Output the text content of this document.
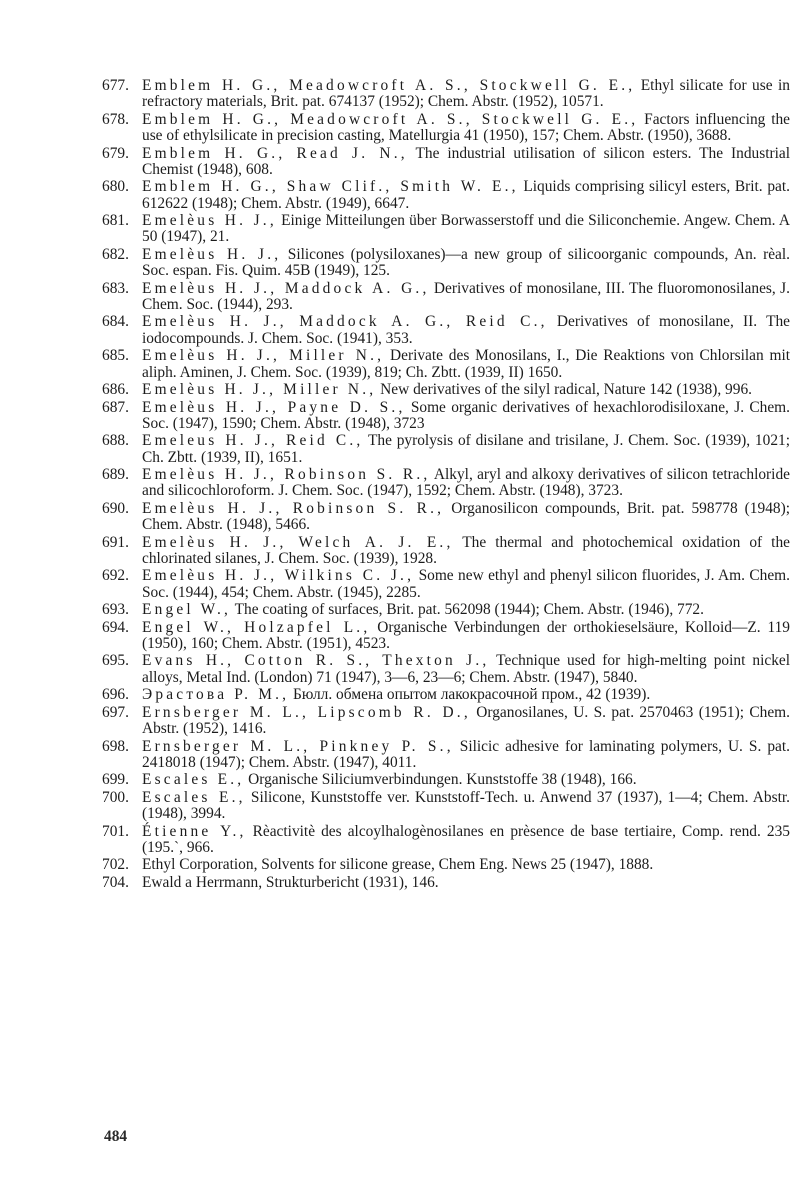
677. Emblem H. G., Meadowcroft A. S., Stockwell G. E., Ethyl silicate for use in refractory materials, Brit. pat. 674137 (1952); Chem. Abstr. (1952), 10571.
678. Emblem H. G., Meadowcroft A. S., Stockwell G. E., Factors influencing the use of ethylsilicate in precision casting, Matellurgia 41 (1950), 157; Chem. Abstr. (1950), 3688.
679. Emblem H. G., Read J. N., The industrial utilisation of silicon esters. The Industrial Chemist (1948), 608.
680. Emblem H. G., Shaw Clif., Smith W. E., Liquids comprising silicyl esters, Brit. pat. 612622 (1948); Chem. Abstr. (1949), 6647.
681. Emelèus H. J., Einige Mitteilungen über Borwasserstoff und die Siliconchemie. Angew. Chem. A 50 (1947), 21.
682. Emelèus H. J., Silicones (polysiloxanes)—a new group of silicoorganic compounds, An. rèal. Soc. espan. Fis. Quim. 45B (1949), 125.
683. Emelèus H. J., Maddock A. G., Derivatives of monosilane, III. The fluoromonosilanes, J. Chem. Soc. (1944), 293.
684. Emelèus H. J., Maddock A. G., Reid C., Derivatives of monosilane, II. The iodocompounds. J. Chem. Soc. (1941), 353.
685. Emelèus H. J., Miller N., Derivate des Monosilans, I., Die Reaktions von Chlorsilan mit aliph. Aminen, J. Chem. Soc. (1939), 819; Ch. Zbtt. (1939, II) 1650.
686. Emelèus H. J., Miller N., New derivatives of the silyl radical, Nature 142 (1938), 996.
687. Emelèus H. J., Payne D. S., Some organic derivatives of hexachlorodisiloxane, J. Chem. Soc. (1947), 1590; Chem. Abstr. (1948), 3723
688. Emeleus H. J., Reid C., The pyrolysis of disilane and trisilane, J. Chem. Soc. (1939), 1021; Ch. Zbtt. (1939, II), 1651.
689. Emelèus H. J., Robinson S. R., Alkyl, aryl and alkoxy derivatives of silicon tetrachloride and silicochloroform. J. Chem. Soc. (1947), 1592; Chem. Abstr. (1948), 3723.
690. Emelèus H. J., Robinson S. R., Organosilicon compounds, Brit. pat. 598778 (1948); Chem. Abstr. (1948), 5466.
691. Emelèus H. J., Welch A. J. E., The thermal and photochemical oxidation of the chlorinated silanes, J. Chem. Soc. (1939), 1928.
692. Emelèus H. J., Wilkins C. J., Some new ethyl and phenyl silicon fluorides, J. Am. Chem. Soc. (1944), 454; Chem. Abstr. (1945), 2285.
693. Engel W., The coating of surfaces, Brit. pat. 562098 (1944); Chem. Abstr. (1946), 772.
694. Engel W., Holzapfel L., Organische Verbindungen der orthokieselsäure, Kolloid—Z. 119 (1950), 160; Chem. Abstr. (1951), 4523.
695. Evans H., Cotton R. S., Thexton J., Technique used for high-melting point nickel alloys, Metal Ind. (London) 71 (1947), 3—6, 23—6; Chem. Abstr. (1947), 5840.
696. Эрастова Р. М., Бюлл. обмена опытом лакокрасочной пром., 42 (1939).
697. Ernsberger M. L., Lipscomb R. D., Organosilanes, U. S. pat. 2570463 (1951); Chem. Abstr. (1952), 1416.
698. Ernsberger M. L., Pinkney P. S., Silicic adhesive for laminating polymers, U. S. pat. 2418018 (1947); Chem. Abstr. (1947), 4011.
699. Escales E., Organische Siliciumverbindungen. Kunststoffe 38 (1948), 166.
700. Escales E., Silicone, Kunststoffe ver. Kunststoff-Tech. u. Anwend 37 (1937), 1—4; Chem. Abstr. (1948), 3994.
701. Étienne Y., Rèactivitè des alcoylhalogènosilanes en prèsence de base tertiaire, Comp. rend. 235 (195.`, 966.
702. Ethyl Corporation, Solvents for silicone grease, Chem Eng. News 25 (1947), 1888.
704. Ewald a Herrmann, Strukturbericht (1931), 146.
484
